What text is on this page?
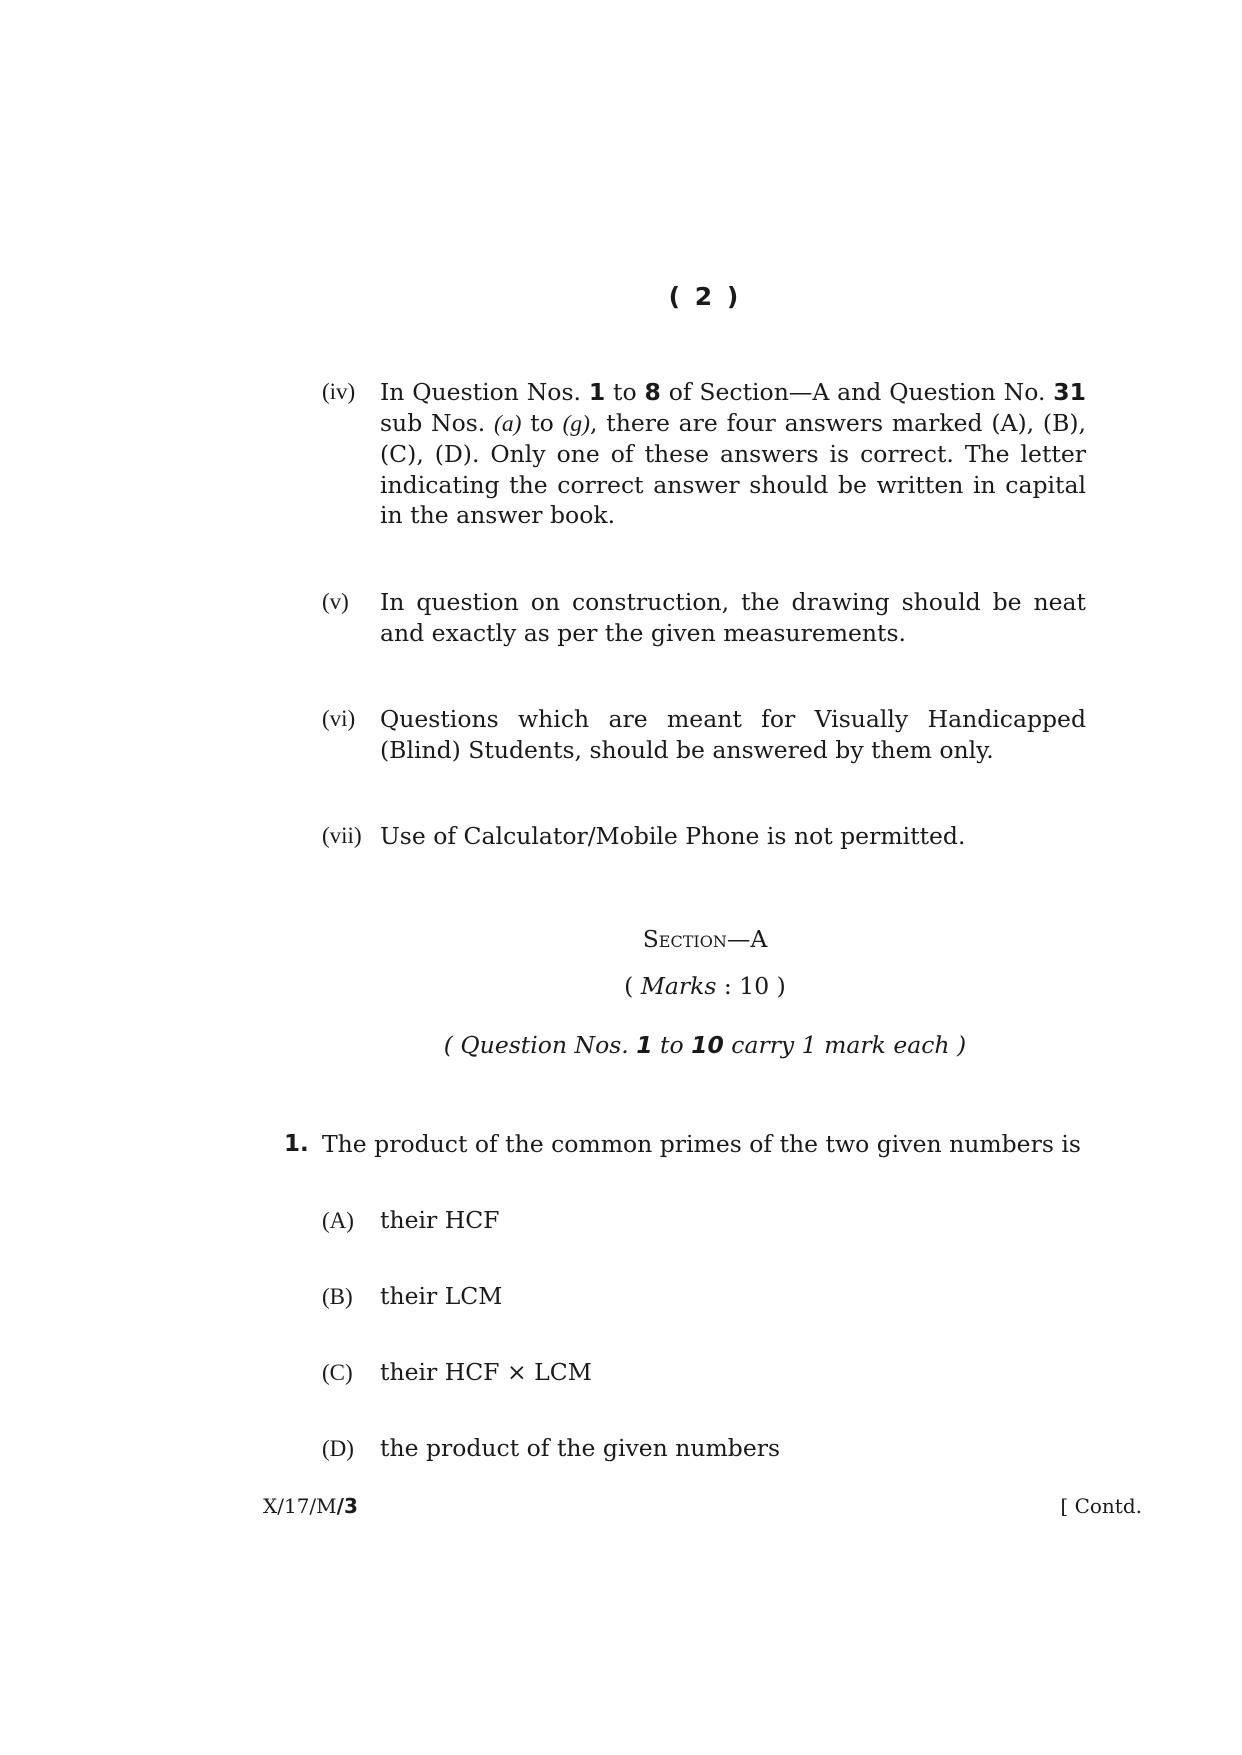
( 2 )
(iv) In Question Nos. 1 to 8 of Section—A and Question No. 31 sub Nos. (a) to (g), there are four answers marked (A), (B), (C), (D). Only one of these answers is correct. The letter indicating the correct answer should be written in capital in the answer book.
(v) In question on construction, the drawing should be neat and exactly as per the given measurements.
(vi) Questions which are meant for Visually Handicapped (Blind) Students, should be answered by them only.
(vii) Use of Calculator/Mobile Phone is not permitted.
Section—A
( Marks : 10 )
( Question Nos. 1 to 10 carry 1 mark each )
1. The product of the common primes of the two given numbers is
(A) their HCF
(B) their LCM
(C) their HCF × LCM
(D) the product of the given numbers
X/17/M/3	[ Contd.
